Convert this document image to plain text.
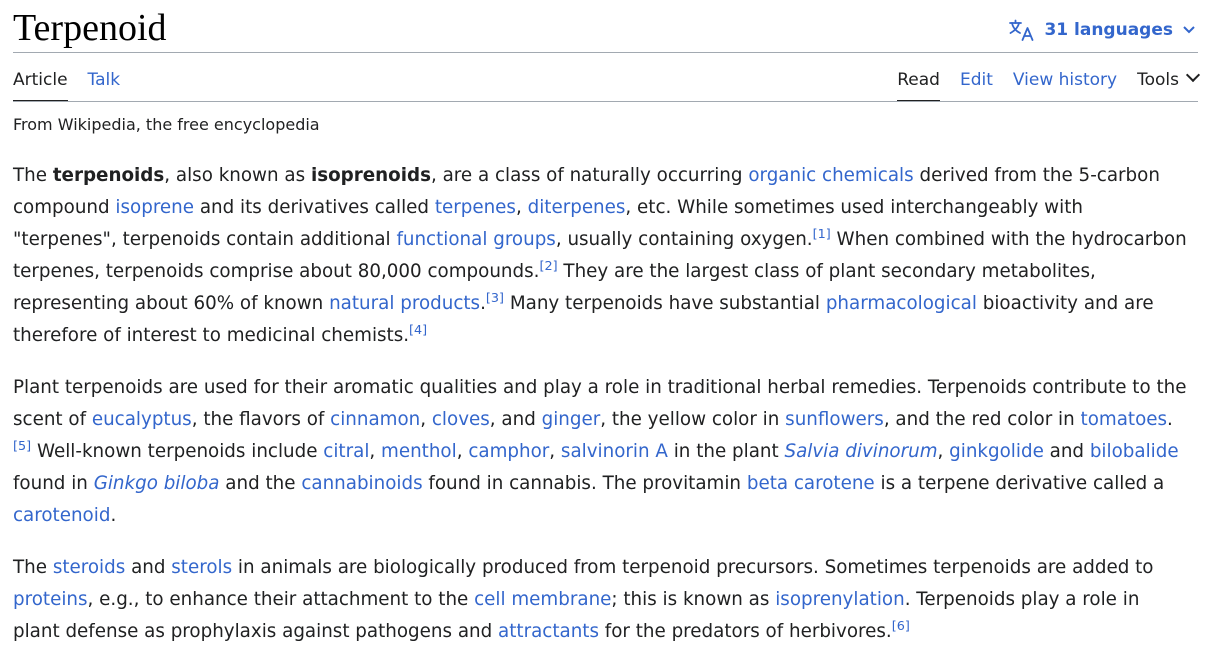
Terpenoid	31 languages
Article Talk	Read Edit View history Tools
From Wikipedia, the free encyclopedia

The terpenoids, also known as isoprenoids, are a class of naturally occurring organic chemicals derived from the 5-carbon compound isoprene and its derivatives called terpenes, diterpenes, etc. While sometimes used interchangeably with "terpenes", terpenoids contain additional functional groups, usually containing oxygen.[1] When combined with the hydrocarbon terpenes, terpenoids comprise about 80,000 compounds.[2] They are the largest class of plant secondary metabolites, representing about 60% of known natural products.[3] Many terpenoids have substantial pharmacological bioactivity and are therefore of interest to medicinal chemists.[4]

Plant terpenoids are used for their aromatic qualities and play a role in traditional herbal remedies. Terpenoids contribute to the scent of eucalyptus, the flavors of cinnamon, cloves, and ginger, the yellow color in sunflowers, and the red color in tomatoes.[5] Well-known terpenoids include citral, menthol, camphor, salvinorin A in the plant Salvia divinorum, ginkgolide and bilobalide found in Ginkgo biloba and the cannabinoids found in cannabis. The provitamin beta carotene is a terpene derivative called a carotenoid.

The steroids and sterols in animals are biologically produced from terpenoid precursors. Sometimes terpenoids are added to proteins, e.g., to enhance their attachment to the cell membrane; this is known as isoprenylation. Terpenoids play a role in plant defense as prophylaxis against pathogens and attractants for the predators of herbivores.[6]
